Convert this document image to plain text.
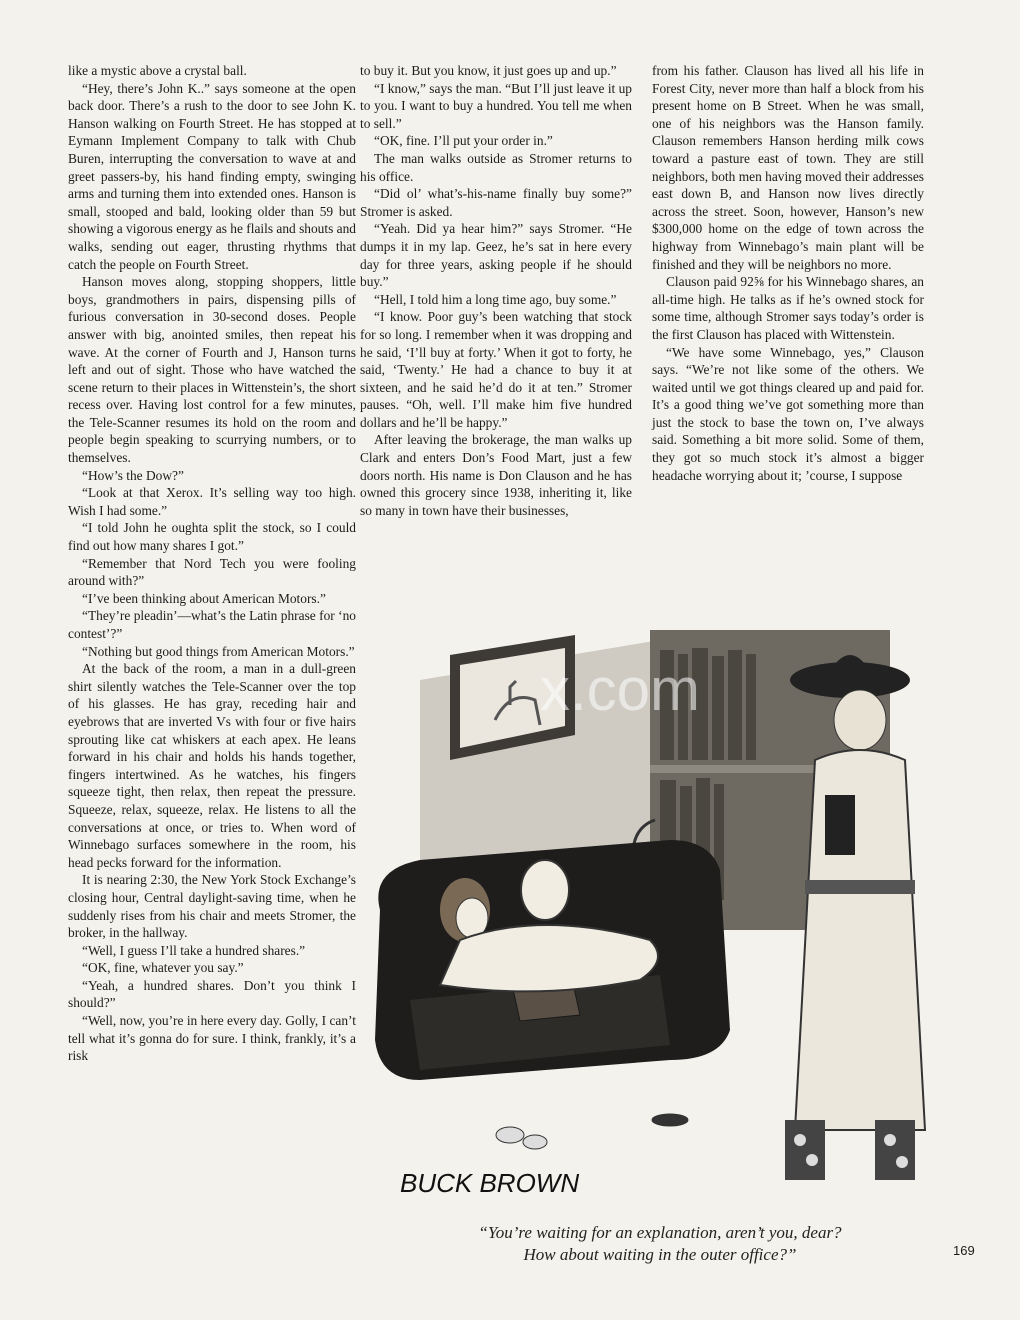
like a mystic above a crystal ball.

“Hey, there’s John K..” says someone at the open back door. There’s a rush to the door to see John K. Hanson walking on Fourth Street. He has stopped at Eymann Implement Company to talk with Chub Buren, interrupting the conversation to wave at and greet passers-by, his hand finding empty, swinging arms and turning them into extended ones. Hanson is small, stooped and bald, looking older than 59 but showing a vigorous energy as he flails and shouts and walks, sending out eager, thrusting rhythms that catch the people on Fourth Street.

Hanson moves along, stopping shoppers, little boys, grandmothers in pairs, dispensing pills of furious conversation in 30-second doses. People answer with big, anointed smiles, then repeat his wave. At the corner of Fourth and J, Hanson turns left and out of sight. Those who have watched the scene return to their places in Wittenstein’s, the short recess over. Having lost control for a few minutes, the Tele-Scanner resumes its hold on the room and people begin speaking to scurrying numbers, or to themselves.

“How’s the Dow?”

“Look at that Xerox. It’s selling way too high. Wish I had some.”

“I told John he oughta split the stock, so I could find out how many shares I got.”

“Remember that Nord Tech you were fooling around with?”

“I’ve been thinking about American Motors.”

“They’re pleadin’—what’s the Latin phrase for ‘no contest’?”

“Nothing but good things from American Motors.”

At the back of the room, a man in a dull-green shirt silently watches the Tele-Scanner over the top of his glasses. He has gray, receding hair and eyebrows that are inverted Vs with four or five hairs sprouting like cat whiskers at each apex. He leans forward in his chair and holds his hands together, fingers intertwined. As he watches, his fingers squeeze tight, then relax, then repeat the pressure. Squeeze, relax, squeeze, relax. He listens to all the conversations at once, or tries to. When word of Winnebago surfaces somewhere in the room, his head pecks forward for the information.

It is nearing 2:30, the New York Stock Exchange’s closing hour, Central daylight-saving time, when he suddenly rises from his chair and meets Stromer, the broker, in the hallway.

“Well, I guess I’ll take a hundred shares.”

“OK, fine, whatever you say.”

“Yeah, a hundred shares. Don’t you think I should?”

“Well, now, you’re in here every day. Golly, I can’t tell what it’s gonna do for sure. I think, frankly, it’s a risk

to buy it. But you know, it just goes up and up.”

“I know,” says the man. “But I’ll just leave it up to you. I want to buy a hundred. You tell me when to sell.”

“OK, fine. I’ll put your order in.”

The man walks outside as Stromer returns to his office.

“Did ol’ what’s-his-name finally buy some?” Stromer is asked.

“Yeah. Did ya hear him?” says Stromer. “He dumps it in my lap. Geez, he’s sat in here every day for three years, asking people if he should buy.”

“Hell, I told him a long time ago, buy some.”

“I know. Poor guy’s been watching that stock for so long. I remember when it was dropping and he said, ‘I’ll buy at forty.’ When it got to forty, he said, ‘Twenty.’ He had a chance to buy it at sixteen, and he said he’d do it at ten.” Stromer pauses. “Oh, well. I’ll make him five hundred dollars and he’ll be happy.”

After leaving the brokerage, the man walks up Clark and enters Don’s Food Mart, just a few doors north. His name is Don Clauson and he has owned this grocery since 1938, inheriting it, like so many in town have their businesses,

from his father. Clauson has lived all his life in Forest City, never more than half a block from his present home on B Street. When he was small, one of his neighbors was the Hanson family. Clauson remembers Hanson herding milk cows toward a pasture east of town. They are still neighbors, both men having moved their addresses east down B, and Hanson now lives directly across the street. Soon, however, Hanson’s new $300,000 home on the edge of town across the highway from Winnebago’s main plant will be finished and they will be neighbors no more.

Clauson paid 92⅝ for his Winnebago shares, an all-time high. He talks as if he’s owned stock for some time, although Stromer says today’s order is the first Clauson has placed with Wittenstein.

“We have some Winnebago, yes,” Clauson says. “We’re not like some of the others. We waited until we got things cleared up and paid for. It’s a good thing we’ve got something more than just the stock to base the town on, I’ve always said. Something a bit more solid. Some of them, they got so much stock it’s almost a bigger headache worrying about it; ’course, I suppose

x.com
BUCK BROWN
“You’re waiting for an explanation, aren’t you, dear?
How about waiting in the outer office?”	169
